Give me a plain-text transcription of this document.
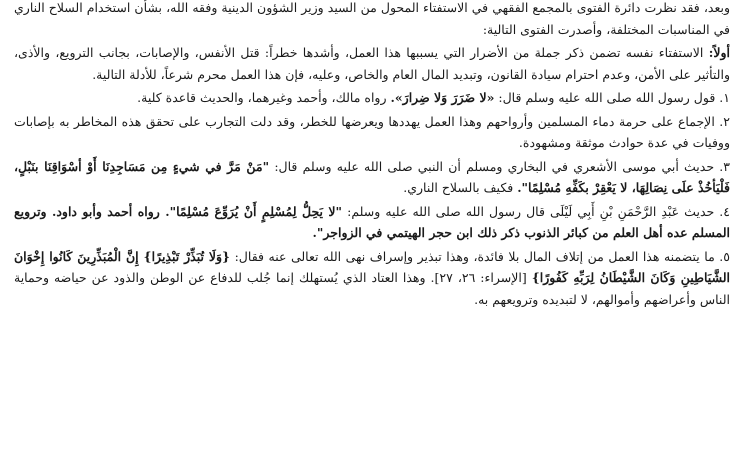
وبعد، فقد نظرت دائرة الفتوى بالمجمع الفقهي في الاستفتاء المحول من السيد وزير الشؤون الدينية وفقه الله، بشأن استخدام السلاح الناري في المناسبات المختلفة، وأصدرت الفتوى التالية:

أولاً: الاستفتاء نفسه تضمن ذكر جملة من الأضرار التي يسببها هذا العمل، وأشدها خطراً: قتل الأنفس، والإصابات، بجانب الترويع، والأذى، والتأثير على الأمن، وعدم احترام سيادة القانون، وتبديد المال العام والخاص، وعليه، فإن هذا العمل محرم شرعاً، للأدلة التالية.

١. قول رسول الله صلى الله عليه وسلم قال: «لا ضَرَرَ وَلا ضِرارَ». رواه مالك، وأحمد وغيرهما، والحديث قاعدة كلية.

٢. الإجماع على حرمة دماء المسلمين وأرواحهم وهذا العمل يهددها ويعرضها للخطر، وقد دلت التجارب على تحقق هذه المخاطر به بإصابات ووفيات في عدة حوادث موثقة ومشهودة.

٣. حديث أبي موسى الأشعري في البخاري ومسلم أن النبي صلى الله عليه وسلم قال: "مَنْ مَرَّ في شيءٍ مِن مَسَاجِدِنَا أَوْ أسْوَاقِنَا بنَبْلٍ، فَلْيَأخُذْ علَى نِصَالِهَا، لا يَعْقِرْ بكَفِّهِ مُسْلِمًا". فكيف بالسلاح الناري.

٤. حديث عَبْدِ الرَّحْمَنِ بْنِ أَبِي لَيْلَى قال رسول الله صلى الله عليه وسلم: "لا يَحِلُّ لِمُسْلِمٍ أَنْ يُرَوِّعَ مُسْلِمًا". رواه أحمد وأبو داود. وترويع المسلم عده أهل العلم من كبائر الذنوب ذكر ذلك ابن حجر الهيتمي في الزواجر".

٥. ما يتضمنه هذا العمل من إتلاف المال بلا فائدة، وهذا تبذير وإسراف نهى الله تعالى عنه فقال: {وَلَا تُبَذِّرْ تَبْذِيرًا} إِنَّ الْمُبَذِّرِينَ كَانُوا إِخْوَانَ الشَّيَاطِينِ وَكَانَ الشَّيْطَانُ لِرَبِّهِ كَفُورًا} [الإسراء: ٢٦، ٢٧]. وهذا العتاد الذي يُستهلك إنما جُلب للدفاع عن الوطن والذود عن حياضه وحماية الناس وأعراضهم وأموالهم، لا لتبديده وترويعهم به.
